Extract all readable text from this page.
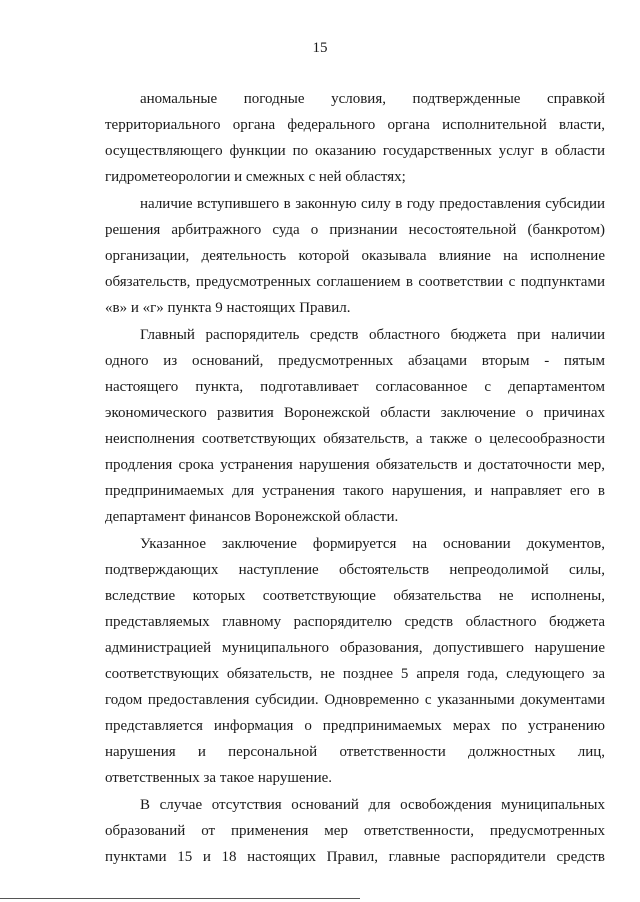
15

аномальные погодные условия, подтвержденные справкой территориального органа федерального органа исполнительной власти, осуществляющего функции по оказанию государственных услуг в области гидрометеорологии и смежных с ней областях;

наличие вступившего в законную силу в году предоставления субсидии решения арбитражного суда о признании несостоятельной (банкротом) организации, деятельность которой оказывала влияние на исполнение обязательств, предусмотренных соглашением в соответствии с подпунктами «в» и «г» пункта 9 настоящих Правил.

Главный распорядитель средств областного бюджета при наличии одного из оснований, предусмотренных абзацами вторым - пятым настоящего пункта, подготавливает согласованное с департаментом экономического развития Воронежской области заключение о причинах неисполнения соответствующих обязательств, а также о целесообразности продления срока устранения нарушения обязательств и достаточности мер, предпринимаемых для устранения такого нарушения, и направляет его в департамент финансов Воронежской области.

Указанное заключение формируется на основании документов, подтверждающих наступление обстоятельств непреодолимой силы, вследствие которых соответствующие обязательства не исполнены, представляемых главному распорядителю средств областного бюджета администрацией муниципального образования, допустившего нарушение соответствующих обязательств, не позднее 5 апреля года, следующего за годом предоставления субсидии. Одновременно с указанными документами представляется информация о предпринимаемых мерах по устранению нарушения и персональной ответственности должностных лиц, ответственных за такое нарушение.

В случае отсутствия оснований для освобождения муниципальных образований от применения мер ответственности, предусмотренных пунктами 15 и 18 настоящих Правил, главные распорядители средств
